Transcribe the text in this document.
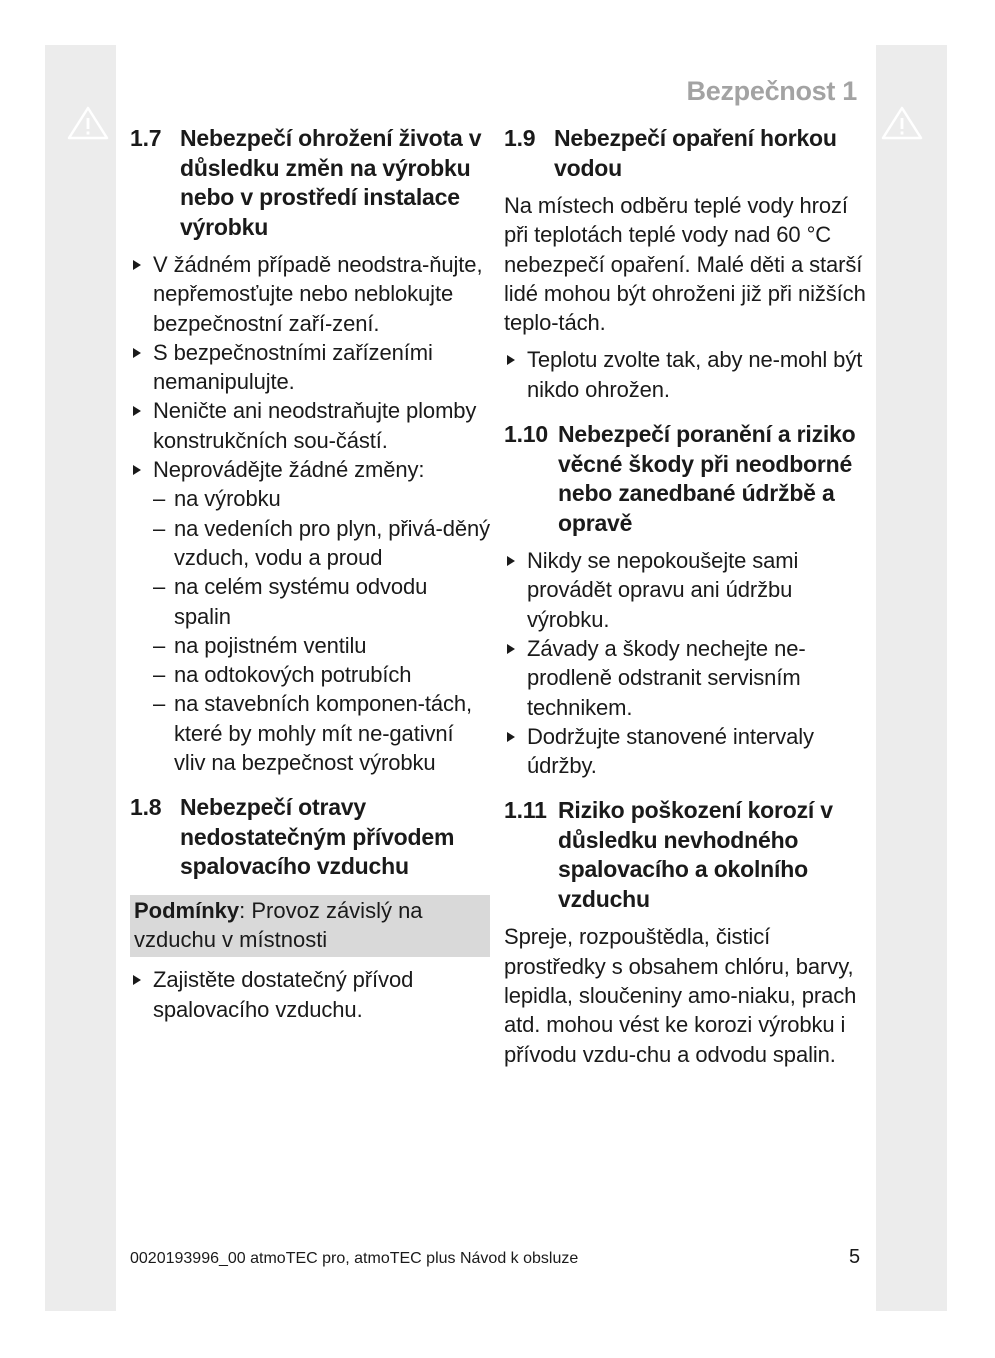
Bezpečnost 1
1.7 Nebezpečí ohrožení života v důsledku změn na výrobku nebo v prostředí instalace výrobku
V žádném případě neodstra-ňujte, nepřemosťujte nebo neblokujte bezpečnostní zaří-zení.
S bezpečnostními zařízeními nemanipulujte.
Neničte ani neodstraňujte plomby konstrukčních sou-částí.
Neprovádějte žádné změny:
– na výrobku
– na vedeních pro plyn, přivá-děný vzduch, vodu a proud
– na celém systému odvodu spalin
– na pojistném ventilu
– na odtokových potrubích
– na stavebních komponen-tách, které by mohly mít ne-gativní vliv na bezpečnost výrobku
1.8 Nebezpečí otravy nedostatečným přívodem spalovacího vzduchu
Podmínky: Provoz závislý na vzduchu v místnosti
Zajistěte dostatečný přívod spalovacího vzduchu.
1.9 Nebezpečí opaření horkou vodou

Na místech odběru teplé vody hrozí při teplotách teplé vody nad 60 °C nebezpečí opaření. Malé děti a starší lidé mohou být ohroženi již při nižších teplo-tách.

Teplotu zvolte tak, aby ne-mohl být nikdo ohrožen.
1.10 Nebezpečí poranění a riziko věcné škody při neodborné nebo zanedbané údržbě a opravě
Nikdy se nepokoušejte sami provádět opravu ani údržbu výrobku.
Závady a škody nechejte ne-prodleně odstranit servisním technikem.
Dodržujte stanovené intervaly údržby.
1.11 Riziko poškození korozí v důsledku nevhodného spalovacího a okolního vzduchu

Spreje, rozpouštědla, čisticí prostředky s obsahem chlóru, barvy, lepidla, sloučeniny amo-niaku, prach atd. mohou vést ke korozi výrobku i přívodu vzdu-chu a odvodu spalin.

0020193996_00 atmoTEC pro, atmoTEC plus Návod k obsluze	5
